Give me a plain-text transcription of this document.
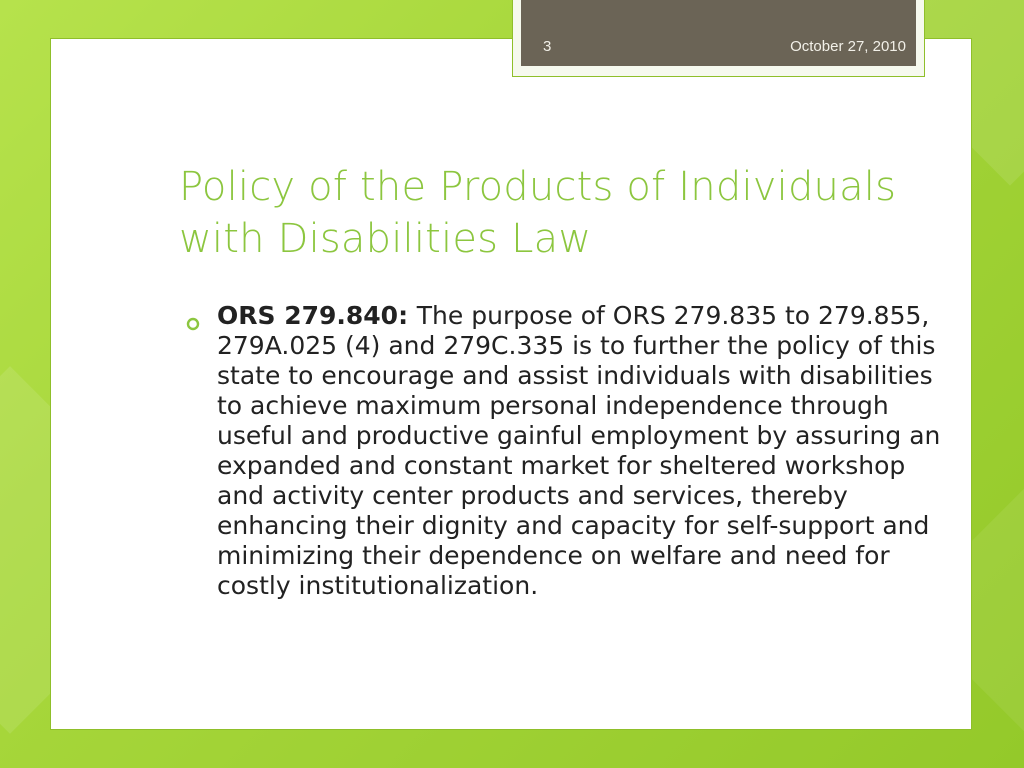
Policy of the Products of Individuals with Disabilities Law
ORS 279.840: The purpose of ORS 279.835 to 279.855, 279A.025 (4) and 279C.335 is to further the policy of this state to encourage and assist individuals with disabilities to achieve maximum personal independence through useful and productive gainful employment by assuring an expanded and constant market for sheltered workshop and activity center products and services, thereby enhancing their dignity and capacity for self-support and minimizing their dependence on welfare and need for costly institutionalization.
3	October 27, 2010
